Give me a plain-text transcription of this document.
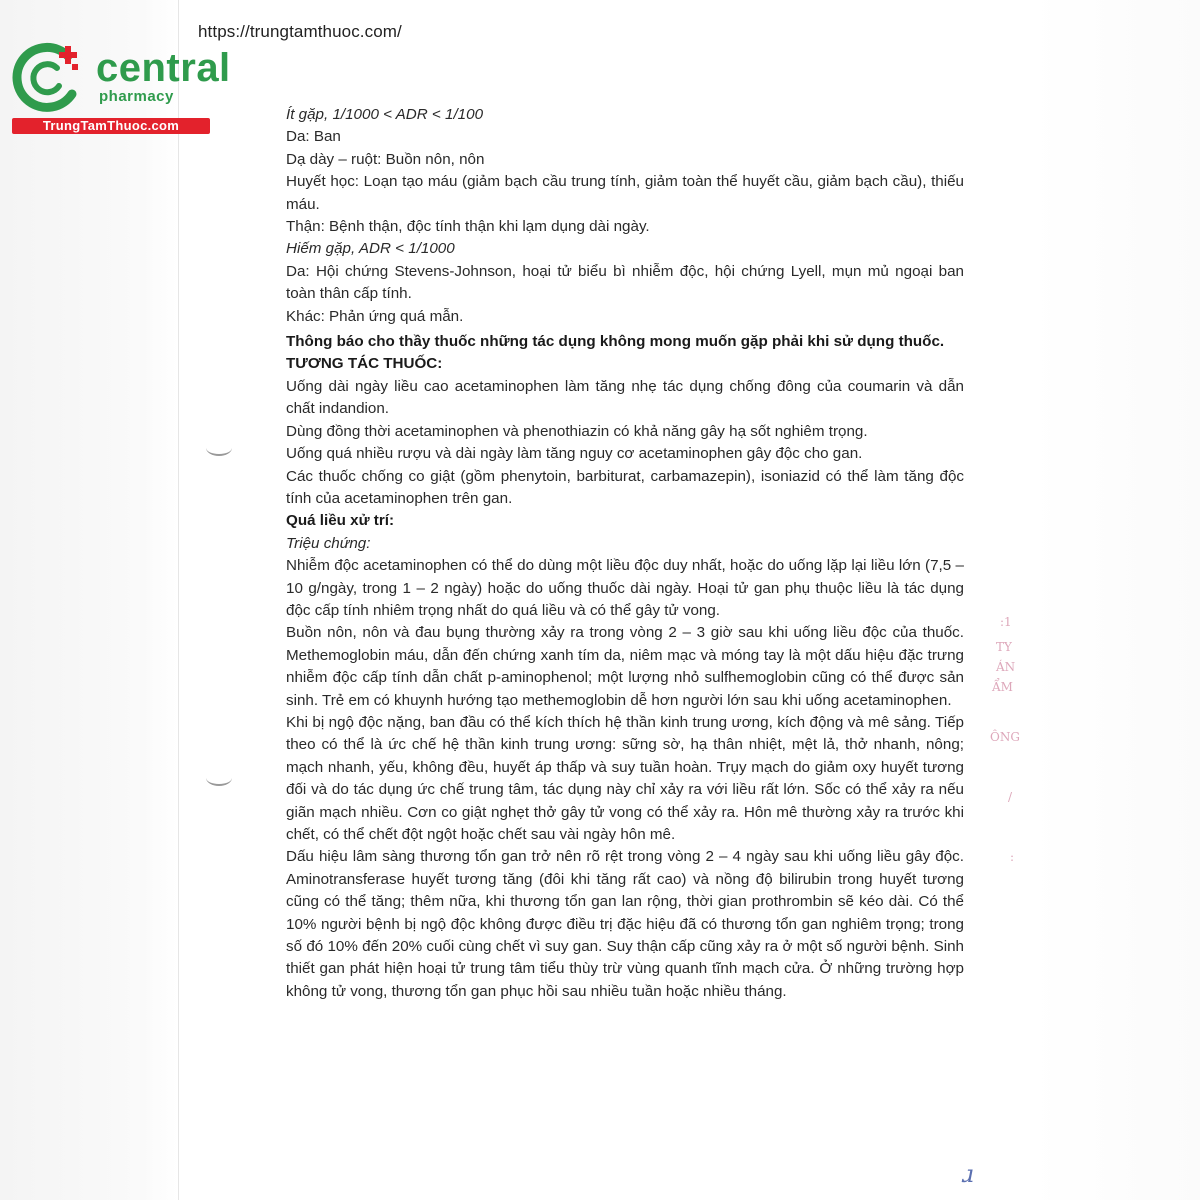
https://trungtamthuoc.com/
central
pharmacy
TrungTamThuoc.com

Ít gặp, 1/1000 < ADR < 1/100

Da: Ban

Dạ dày – ruột: Buồn nôn, nôn

Huyết học: Loạn tạo máu (giảm bạch cầu trung tính, giảm toàn thể huyết cầu, giảm bạch cầu), thiếu máu.

Thận: Bệnh thận, độc tính thận khi lạm dụng dài ngày.

Hiếm gặp, ADR < 1/1000

Da: Hội chứng Stevens-Johnson, hoại tử biểu bì nhiễm độc, hội chứng Lyell, mụn mủ ngoại ban toàn thân cấp tính.

Khác: Phản ứng quá mẫn.

Thông báo cho thầy thuốc những tác dụng không mong muốn gặp phải khi sử dụng thuốc.

TƯƠNG TÁC THUỐC:

Uống dài ngày liều cao acetaminophen làm tăng nhẹ tác dụng chống đông của coumarin và dẫn chất indandion.

Dùng đồng thời acetaminophen và phenothiazin có khả năng gây hạ sốt nghiêm trọng.

Uống quá nhiều rượu và dài ngày làm tăng nguy cơ acetaminophen gây độc cho gan.

Các thuốc chống co giật (gồm phenytoin, barbiturat, carbamazepin), isoniazid có thể làm tăng độc tính của acetaminophen trên gan.

Quá liều xử trí:

Triệu chứng:

Nhiễm độc acetaminophen có thể do dùng một liều độc duy nhất, hoặc do uống lặp lại liều lớn (7,5 – 10 g/ngày, trong 1 – 2 ngày) hoặc do uống thuốc dài ngày. Hoại tử gan phụ thuộc liều là tác dụng độc cấp tính nhiêm trọng nhất do quá liều và có thể gây tử vong.

Buồn nôn, nôn và đau bụng thường xảy ra trong vòng 2 – 3 giờ sau khi uống liều độc của thuốc. Methemoglobin máu, dẫn đến chứng xanh tím da, niêm mạc và móng tay là một dấu hiệu đặc trưng nhiễm độc cấp tính dẫn chất p-aminophenol; một lượng nhỏ sulfhemoglobin cũng có thể được sản sinh. Trẻ em có khuynh hướng tạo methemoglobin dễ hơn người lớn sau khi uống acetaminophen.

Khi bị ngộ độc nặng, ban đầu có thể kích thích hệ thần kinh trung ương, kích động và mê sảng. Tiếp theo có thể là ức chế hệ thần kinh trung ương: sững sờ, hạ thân nhiệt, mệt lả, thở nhanh, nông; mạch nhanh, yếu, không đều, huyết áp thấp và suy tuần hoàn. Trụy mạch do giảm oxy huyết tương đối và do tác dụng ức chế trung tâm, tác dụng này chỉ xảy ra với liều rất lớn. Sốc có thể xảy ra nếu giãn mạch nhiều. Cơn co giật nghẹt thở gây tử vong có thể xảy ra. Hôn mê thường xảy ra trước khi chết, có thể chết đột ngột hoặc chết sau vài ngày hôn mê.

Dấu hiệu lâm sàng thương tổn gan trở nên rõ rệt trong vòng 2 – 4 ngày sau khi uống liều gây độc. Aminotransferase huyết tương tăng (đôi khi tăng rất cao) và nồng độ bilirubin trong huyết tương cũng có thể tăng; thêm nữa, khi thương tổn gan lan rộng, thời gian prothrombin sẽ kéo dài. Có thể 10% người bệnh bị ngộ độc không được điều trị đặc hiệu đã có thương tổn gan nghiêm trọng; trong số đó 10% đến 20% cuối cùng chết vì suy gan. Suy thận cấp cũng xảy ra ở một số người bệnh. Sinh thiết gan phát hiện hoại tử trung tâm tiểu thùy trừ vùng quanh tĩnh mạch cửa. Ở những trường hợp không tử vong, thương tổn gan phục hồi sau nhiều tuần hoặc nhiều tháng.

:1
TY
ÁN
ẨM
ÔNG
/
:
ɹ
